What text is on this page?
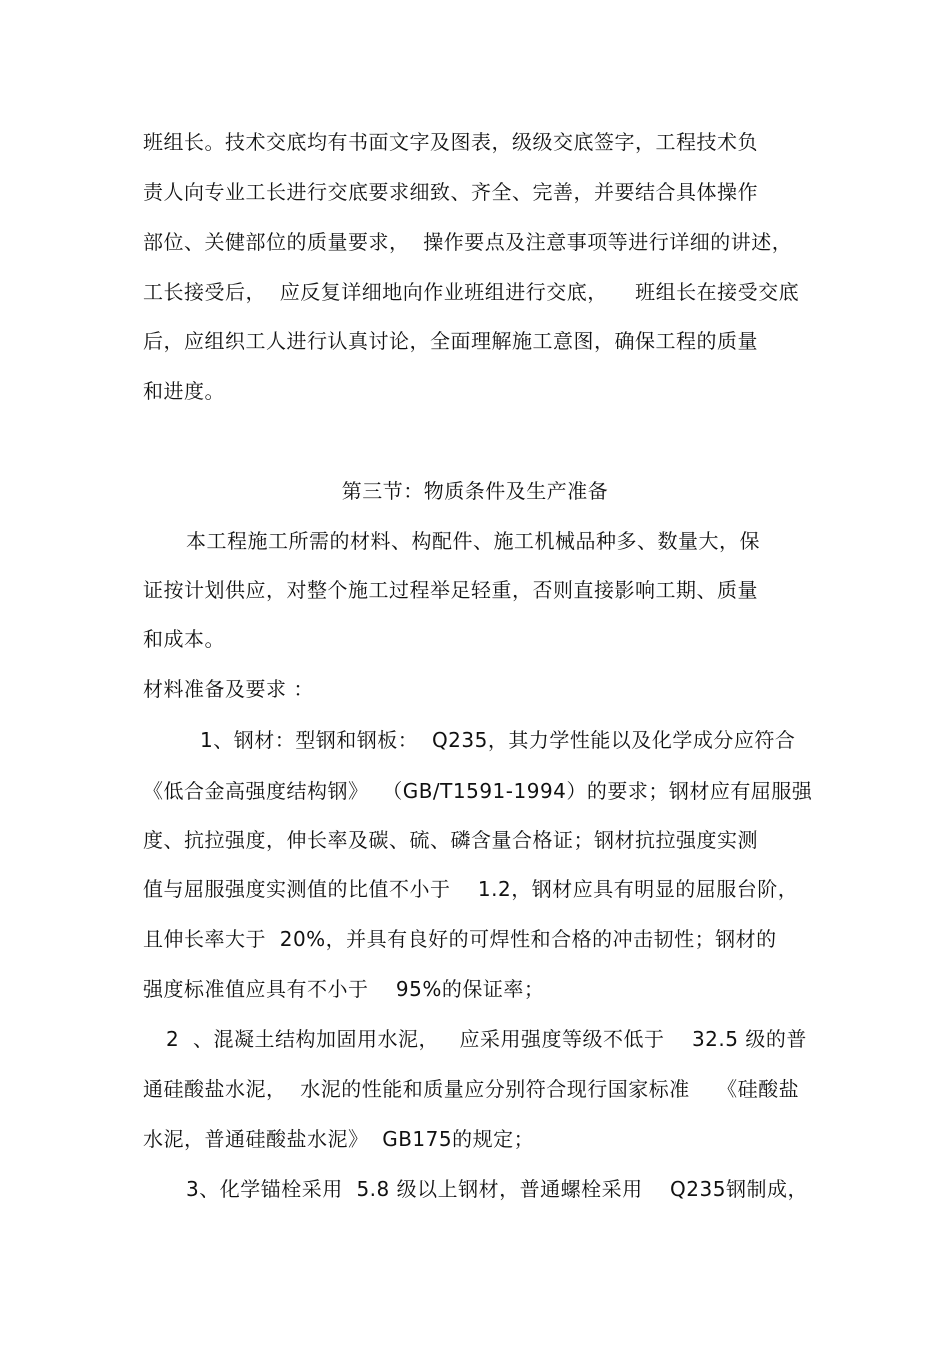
班组长。技术交底均有书面文字及图表，级级交底签字，工程技术负
责人向专业工长进行交底要求细致、齐全、完善，并要结合具体操作
部位、关健部位的质量要求，  操作要点及注意事项等进行详细的讲述，
工长接受后，  应反复详细地向作业班组进行交底，    班组长在接受交底
后，应组织工人进行认真讨论，全面理解施工意图，确保工程的质量
和进度。
第三节：物质条件及生产准备
本工程施工所需的材料、构配件、施工机械品种多、数量大，保
证按计划供应，对整个施工过程举足轻重，否则直接影响工期、质量
和成本。
材料准备及要求 ：
1、钢材：型钢和钢板：  Q235，其力学性能以及化学成分应符合
《低合金高强度结构钢》  （GB/T1591-1994）的要求；钢材应有屈服强
度、抗拉强度，伸长率及碳、硫、磷含量合格证；钢材抗拉强度实测
值与屈服强度实测值的比值不小于    1.2，钢材应具有明显的屈服台阶，
且伸长率大于  20%，并具有良好的可焊性和合格的冲击韧性；钢材的
强度标准值应具有不小于    95%的保证率；
2  、混凝土结构加固用水泥，   应采用强度等级不低于    32.5 级的普
通硅酸盐水泥，  水泥的性能和质量应分别符合现行国家标准    《硅酸盐
水泥，普通硅酸盐水泥》  GB175的规定；
3、化学锚栓采用  5.8 级以上钢材，普通螺栓采用    Q235钢制成，
